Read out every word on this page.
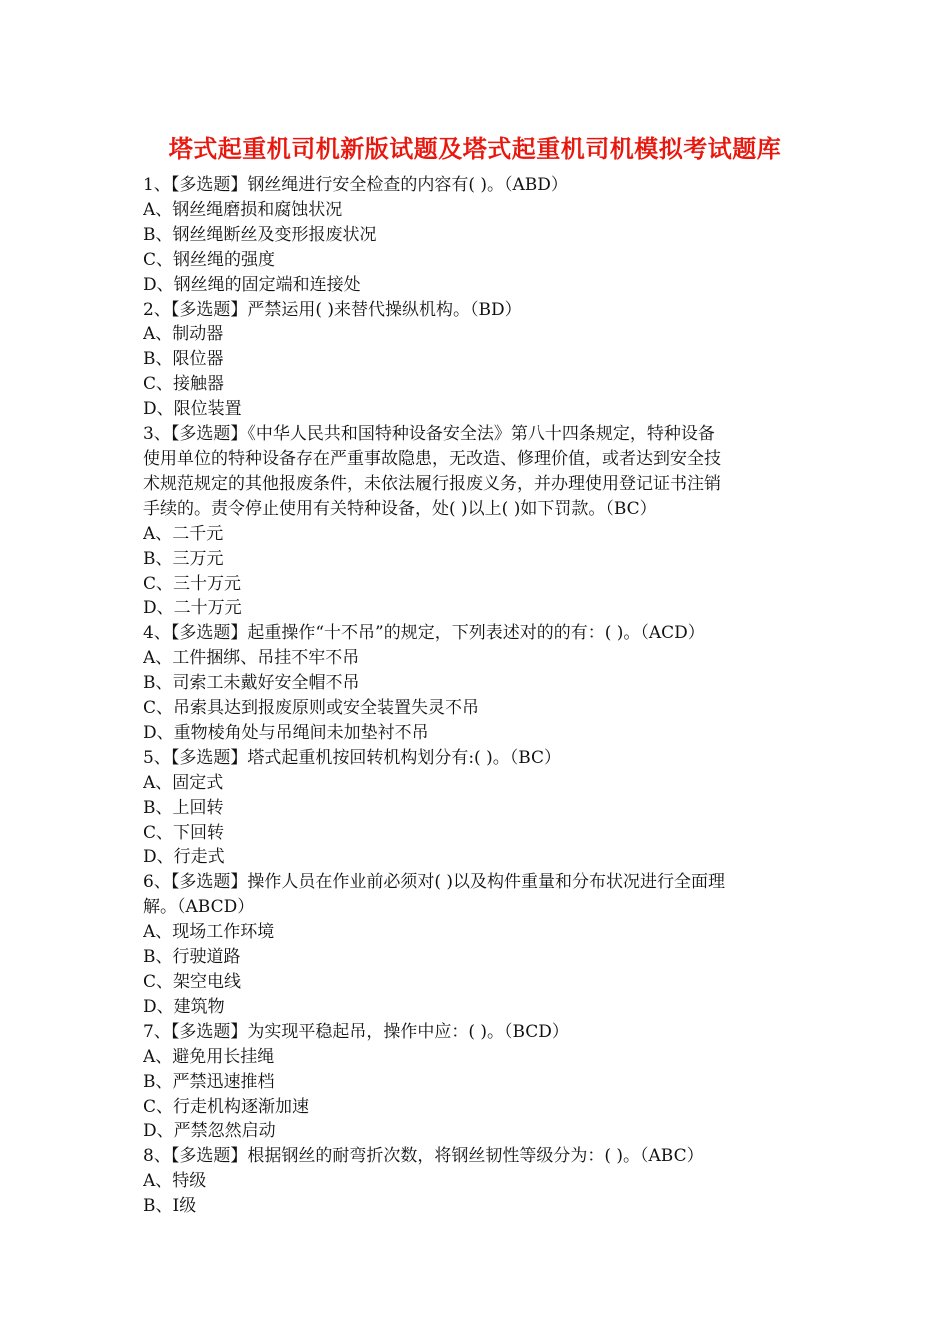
塔式起重机司机新版试题及塔式起重机司机模拟考试题库
1、【多选题】钢丝绳进行安全检查的内容有( )。（ABD）
A、钢丝绳磨损和腐蚀状况
B、钢丝绳断丝及变形报废状况
C、钢丝绳的强度
D、钢丝绳的固定端和连接处
2、【多选题】严禁运用( )来替代操纵机构。（BD）
A、制动器
B、限位器
C、接触器
D、限位装置
3、【多选题】《中华人民共和国特种设备安全法》第八十四条规定，特种设备
使用单位的特种设备存在严重事故隐患，无改造、修理价值，或者达到安全技
术规范规定的其他报废条件，未依法履行报废义务，并办理使用登记证书注销
手续的。责令停止使用有关特种设备，处( )以上( )如下罚款。（BC）
A、二千元
B、三万元
C、三十万元
D、二十万元
4、【多选题】起重操作“十不吊”的规定，下列表述对的的有：( )。（ACD）
A、工件捆绑、吊挂不牢不吊
B、司索工未戴好安全帽不吊
C、吊索具达到报废原则或安全装置失灵不吊
D、重物棱角处与吊绳间未加垫衬不吊
5、【多选题】塔式起重机按回转机构划分有:( )。（BC）
A、固定式
B、上回转
C、下回转
D、行走式
6、【多选题】操作人员在作业前必须对( )以及构件重量和分布状况进行全面理
解。（ABCD）
A、现场工作环境
B、行驶道路
C、架空电线
D、建筑物
7、【多选题】为实现平稳起吊，操作中应：( )。（BCD）
A、避免用长挂绳
B、严禁迅速推档
C、行走机构逐渐加速
D、严禁忽然启动
8、【多选题】根据钢丝的耐弯折次数，将钢丝韧性等级分为：( )。（ABC）
A、特级
B、Ⅰ级
